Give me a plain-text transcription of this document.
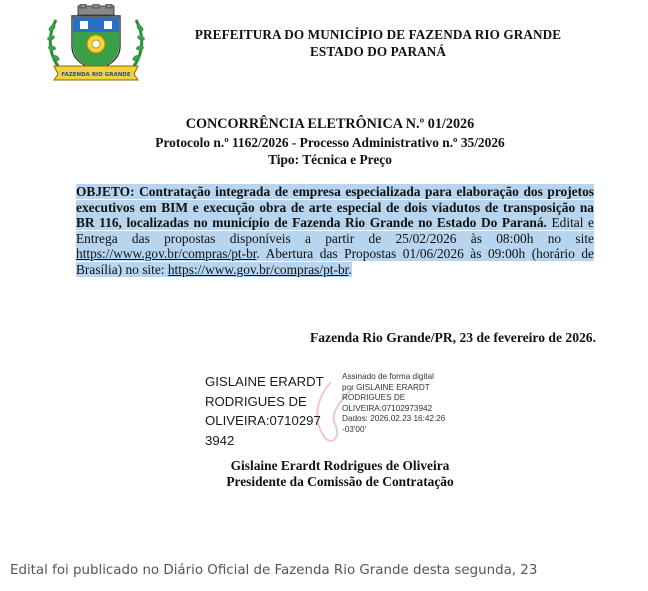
FAZENDA RIO GRANDE
PREFEITURA DO MUNICÍPIO DE FAZENDA RIO GRANDE
ESTADO DO PARANÁ
CONCORRÊNCIA ELETRÔNICA N.º 01/2026
Protocolo n.º 1162/2026 - Processo Administrativo n.º 35/2026
Tipo: Técnica e Preço

OBJETO: Contratação integrada de empresa especializada para elaboração dos projetos executivos em BIM e execução obra de arte especial de dois viadutos de transposição na BR 116, localizadas no município de Fazenda Rio Grande no Estado Do Paraná. Edital e Entrega das propostas disponíveis a partir de 25/02/2026 às 08:00h no site https://www.gov.br/compras/pt-br. Abertura das Propostas 01/06/2026 às 09:00h (horário de Brasília) no site: https://www.gov.br/compras/pt-br.

Fazenda Rio Grande/PR, 23 de fevereiro de 2026.
GISLAINE ERARDT
RODRIGUES DE
OLIVEIRA:0710297
3942
Assinado de forma digital
por GISLAINE ERARDT
RODRIGUES DE
OLIVEIRA:07102973942
Dados: 2026.02.23 16:42:26
-03'00'
Gislaine Erardt Rodrigues de Oliveira
Presidente da Comissão de Contratação
Edital foi publicado no Diário Oficial de Fazenda Rio Grande desta segunda, 23
